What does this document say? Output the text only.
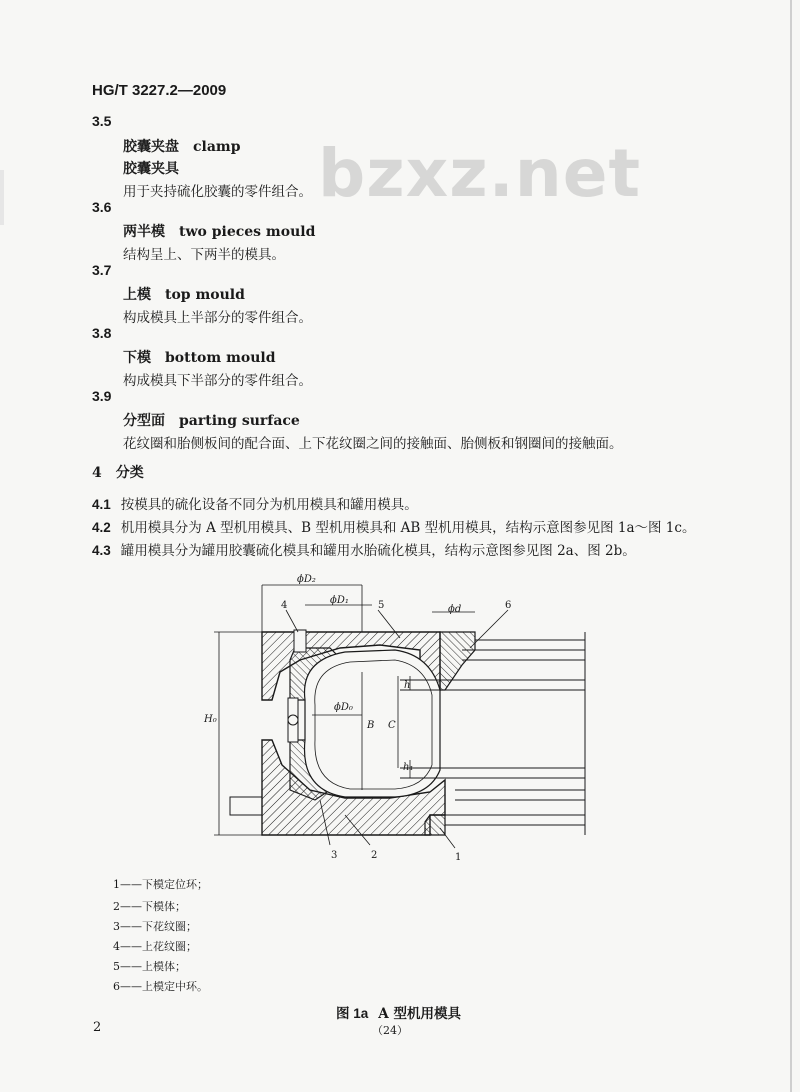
bzxz.net
HG/T 3227.2—2009
3.5
胶囊夹盘 clamp
胶囊夹具
用于夹持硫化胶囊的零件组合。
3.6
两半模 two pieces mould
结构呈上、下两半的模具。
3.7
上模 top mould
构成模具上半部分的零件组合。
3.8
下模 bottom mould
构成模具下半部分的零件组合。
3.9
分型面 parting surface
花纹圈和胎侧板间的配合面、上下花纹圈之间的接触面、胎侧板和钢圈间的接触面。
4 分类
4.1 按模具的硫化设备不同分为机用模具和罐用模具。
4.2 机用模具分为 A 型机用模具、B 型机用模具和 AB 型机用模具，结构示意图参见图 1a～图 1c。
4.3 罐用模具分为罐用胶囊硫化模具和罐用水胎硫化模具，结构示意图参见图 2a、图 2b。
ϕD₂
ϕD₁
ϕd
ϕD₀
H₀
h
h₁
B C
4	5	6
3	2	1
1——下模定位环；
2——下模体；
3——下花纹圈；
4——上花纹圈；
5——上模体；
6——上模定中环。
图 1a A 型机用模具
2	（24）
